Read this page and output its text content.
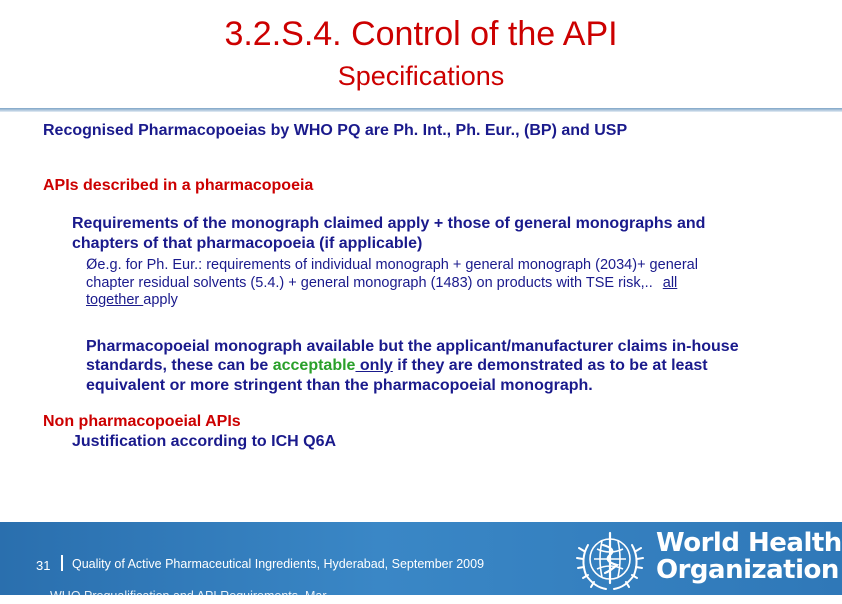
3.2.S.4. Control of the API
Specifications
Recognised Pharmacopoeias by WHO PQ are Ph. Int., Ph. Eur., (BP) and USP
APIs described in a pharmacopoeia
Requirements of the monograph claimed apply + those of general monographs and
chapters of that pharmacopoeia (if applicable)
Øe.g. for Ph. Eur.: requirements of individual monograph + general monograph (2034)+ general
chapter residual solvents (5.4.) + general monograph (1483) on products with TSE risk,.. all
together apply
Pharmacopoeial monograph available but the applicant/manufacturer claims in-house
standards, these can be acceptable only if they are demonstrated as to be at least
equivalent or more stringent than the pharmacopoeial monograph.
Non pharmacopoeial APIs
Justification according to ICH Q6A
31 Quality of Active Pharmaceutical Ingredients, Hyderabad, September 2009
WHO Prequalification and API Requirements, Mar
World Health
Organization
